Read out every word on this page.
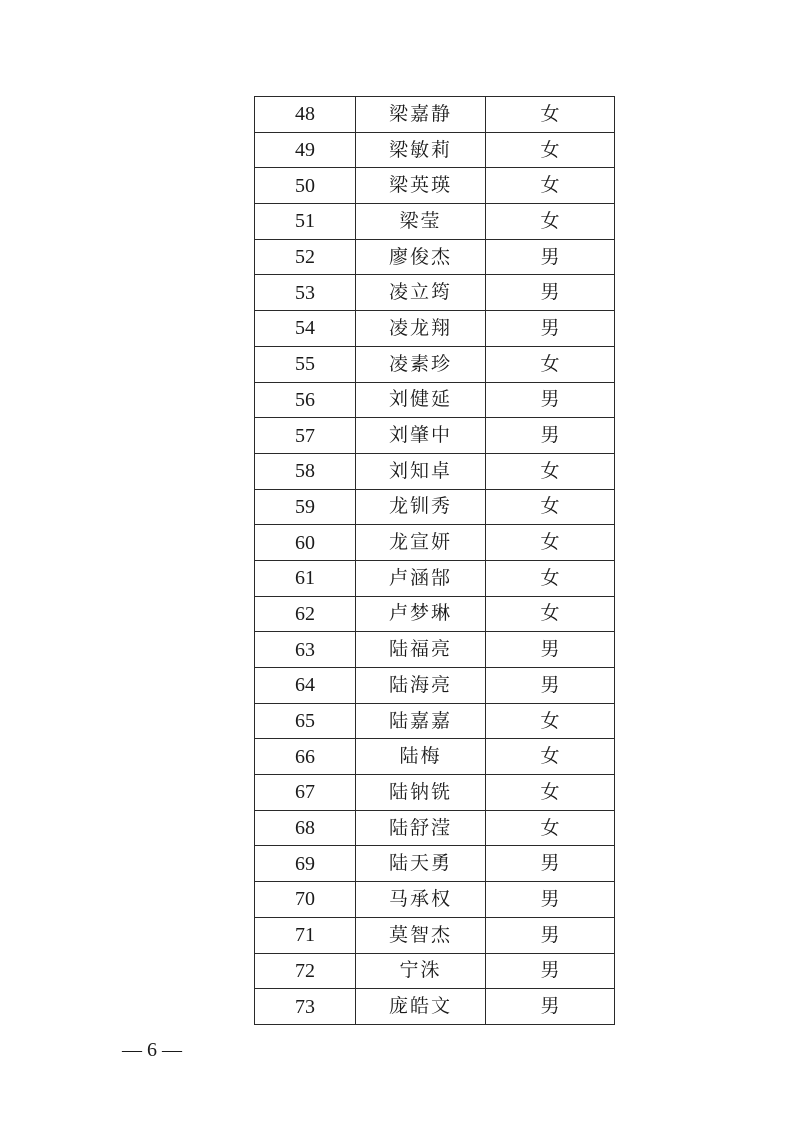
48	梁嘉静	女
49	梁敏莉	女
50	梁英瑛	女
51	梁莹	女
52	廖俊杰	男
53	凌立筠	男
54	凌龙翔	男
55	凌素珍	女
56	刘健延	男
57	刘肇中	男
58	刘知卓	女
59	龙钏秀	女
60	龙宣妍	女
61	卢涵郜	女
62	卢梦琳	女
63	陆福亮	男
64	陆海亮	男
65	陆嘉嘉	女
66	陆梅	女
67	陆钠铣	女
68	陆舒滢	女
69	陆天勇	男
70	马承权	男
71	莫智杰	男
72	宁洙	男
73	庞皓文	男
— 6 —
